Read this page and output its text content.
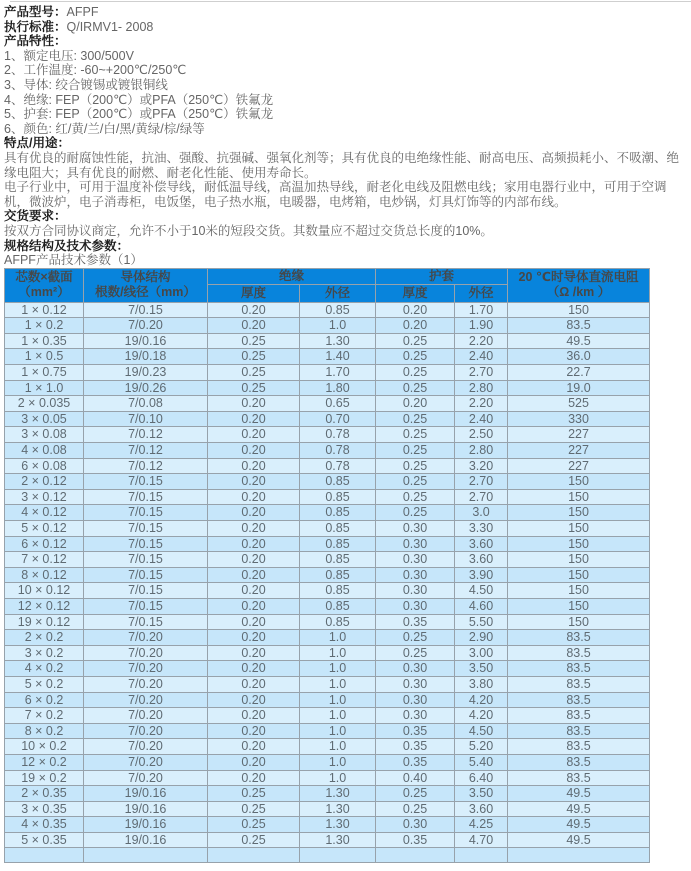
产品型号：AFPF
执行标准：Q/IRMV1- 2008
产品特性：
1、额定电压: 300/500V
2、工作温度: -60~+200℃/250℃
3、导体: 绞合镀锡或镀银铜线
4、绝缘: FEP（200℃）或PFA（250℃）铁氟龙
5、护套: FEP（200℃）或PFA（250℃）铁氟龙
6、颜色: 红/黄/兰/白/黑/黄绿/棕/绿等
特点/用途：
具有优良的耐腐蚀性能，抗油、强酸、抗强碱、强氧化剂等；具有优良的电绝缘性能、耐高电压、高频损耗小、不吸潮、绝缘电阻大；具有优良的耐燃、耐老化性能、使用寿命长。
电子行业中，可用于温度补偿导线，耐低温导线，高温加热导线，耐老化电线及阻燃电线；家用电器行业中，可用于空调机，微波炉，电子消毒柜，电饭堡，电子热水瓶，电暖器，电烤箱，电炒锅，灯具灯饰等的内部布线。
交货要求：
按双方合同协议商定，允许不小于10米的短段交货。其数量应不超过交货总长度的10%。
规格结构及技术参数：
AFPF产品技术参数（1）
芯数×截面
（mm²）	导体结构
根数/线径（mm）	绝缘		护套		20 ℃时导体直流电阻 （Ω /km ）

		厚度	外径	厚度	外径	
1 × 0.12	7/0.15	0.20	0.85	0.20	1.70	150
1 × 0.2	7/0.20	0.20	1.0	0.20	1.90	83.5
1 × 0.35	19/0.16	0.25	1.30	0.25	2.20	49.5
1 × 0.5	19/0.18	0.25	1.40	0.25	2.40	36.0
1 × 0.75	19/0.23	0.25	1.70	0.25	2.70	22.7
1 × 1.0	19/0.26	0.25	1.80	0.25	2.80	19.0
2 × 0.035	7/0.08	0.20	0.65	0.20	2.20	525
3 × 0.05	7/0.10	0.20	0.70	0.25	2.40	330
3 × 0.08	7/0.12	0.20	0.78	0.25	2.50	227
4 × 0.08	7/0.12	0.20	0.78	0.25	2.80	227
6 × 0.08	7/0.12	0.20	0.78	0.25	3.20	227
2 × 0.12	7/0.15	0.20	0.85	0.25	2.70	150
3 × 0.12	7/0.15	0.20	0.85	0.25	2.70	150
4 × 0.12	7/0.15	0.20	0.85	0.25	3.0	150
5 × 0.12	7/0.15	0.20	0.85	0.30	3.30	150
6 × 0.12	7/0.15	0.20	0.85	0.30	3.60	150
7 × 0.12	7/0.15	0.20	0.85	0.30	3.60	150
8 × 0.12	7/0.15	0.20	0.85	0.30	3.90	150
10 × 0.12	7/0.15	0.20	0.85	0.30	4.50	150
12 × 0.12	7/0.15	0.20	0.85	0.30	4.60	150
19 × 0.12	7/0.15	0.20	0.85	0.35	5.50	150
2 × 0.2	7/0.20	0.20	1.0	0.25	2.90	83.5
3 × 0.2	7/0.20	0.20	1.0	0.25	3.00	83.5
4 × 0.2	7/0.20	0.20	1.0	0.30	3.50	83.5
5 × 0.2	7/0.20	0.20	1.0	0.30	3.80	83.5
6 × 0.2	7/0.20	0.20	1.0	0.30	4.20	83.5
7 × 0.2	7/0.20	0.20	1.0	0.30	4.20	83.5
8 × 0.2	7/0.20	0.20	1.0	0.35	4.50	83.5
10 × 0.2	7/0.20	0.20	1.0	0.35	5.20	83.5
12 × 0.2	7/0.20	0.20	1.0	0.35	5.40	83.5
19 × 0.2	7/0.20	0.20	1.0	0.40	6.40	83.5
2 × 0.35	19/0.16	0.25	1.30	0.25	3.50	49.5
3 × 0.35	19/0.16	0.25	1.30	0.25	3.60	49.5
4 × 0.35	19/0.16	0.25	1.30	0.30	4.25	49.5
5 × 0.35	19/0.16	0.25	1.30	0.35	4.70	49.5
